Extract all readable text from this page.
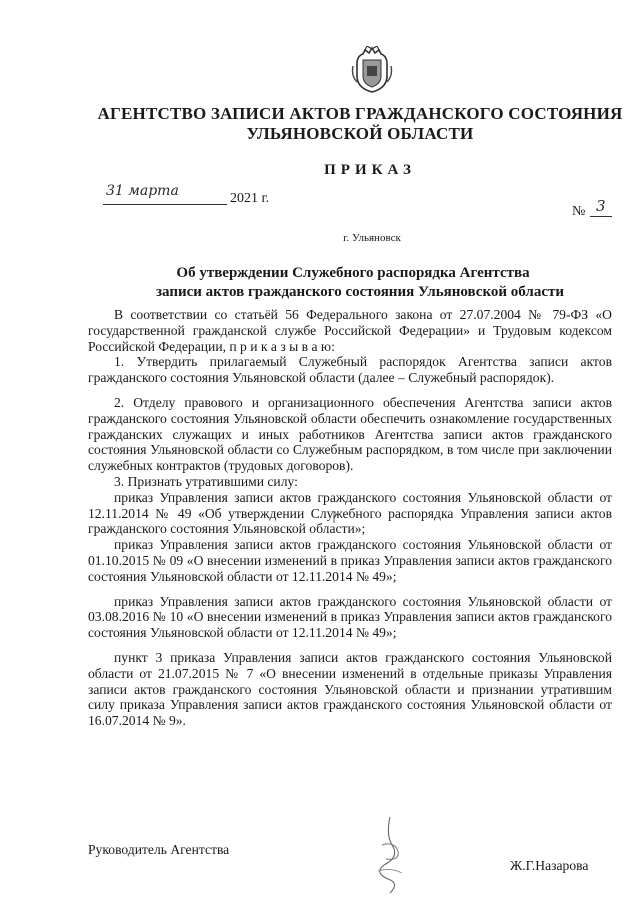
АГЕНТСТВО ЗАПИСИ АКТОВ ГРАЖДАНСКОГО СОСТОЯНИЯ
УЛЬЯНОВСКОЙ ОБЛАСТИ
ПРИКАЗ
31 марта	2021 г.
№ 3
г. Ульяновск
Об утверждении Служебного распорядка Агентства
записи актов гражданского состояния Ульяновской области

В соответствии со статьёй 56 Федерального закона от 27.07.2004 № 79-ФЗ «О государственной гражданской службе Российской Федерации» и Трудовым кодексом Российской Федерации, п р и к а з ы в а ю:

1. Утвердить прилагаемый Служебный распорядок Агентства записи актов гражданского состояния Ульяновской области (далее – Служебный распорядок).

2. Отделу правового и организационного обеспечения Агентства записи актов гражданского состояния Ульяновской области обеспечить ознакомление государственных гражданских служащих и иных работников Агентства записи актов гражданского состояния Ульяновской области со Служебным распорядком, в том числе при заключении служебных контрактов (трудовых договоров).

3. Признать утратившими силу:

приказ Управления записи актов гражданского состояния Ульяновской области от 12.11.2014 № 49 «Об утверждении Служебного распорядка Управления записи актов гражданского состояния Ульяновской области»;

приказ Управления записи актов гражданского состояния Ульяновской области от 01.10.2015 № 09 «О внесении изменений в приказ Управления записи актов гражданского состояния Ульяновской области от 12.11.2014 № 49»;

приказ Управления записи актов гражданского состояния Ульяновской области от 03.08.2016 № 10 «О внесении изменений в приказ Управления записи актов гражданского состояния Ульяновской области от 12.11.2014 № 49»;

пункт 3 приказа Управления записи актов гражданского состояния Ульяновской области от 21.07.2015 № 7 «О внесении изменений в отдельные приказы Управления записи актов гражданского состояния Ульяновской области и признании утратившим силу приказа Управления записи актов гражданского состояния Ульяновской области от 16.07.2014 № 9».

Руководитель Агентства
Ж.Г.Назарова
